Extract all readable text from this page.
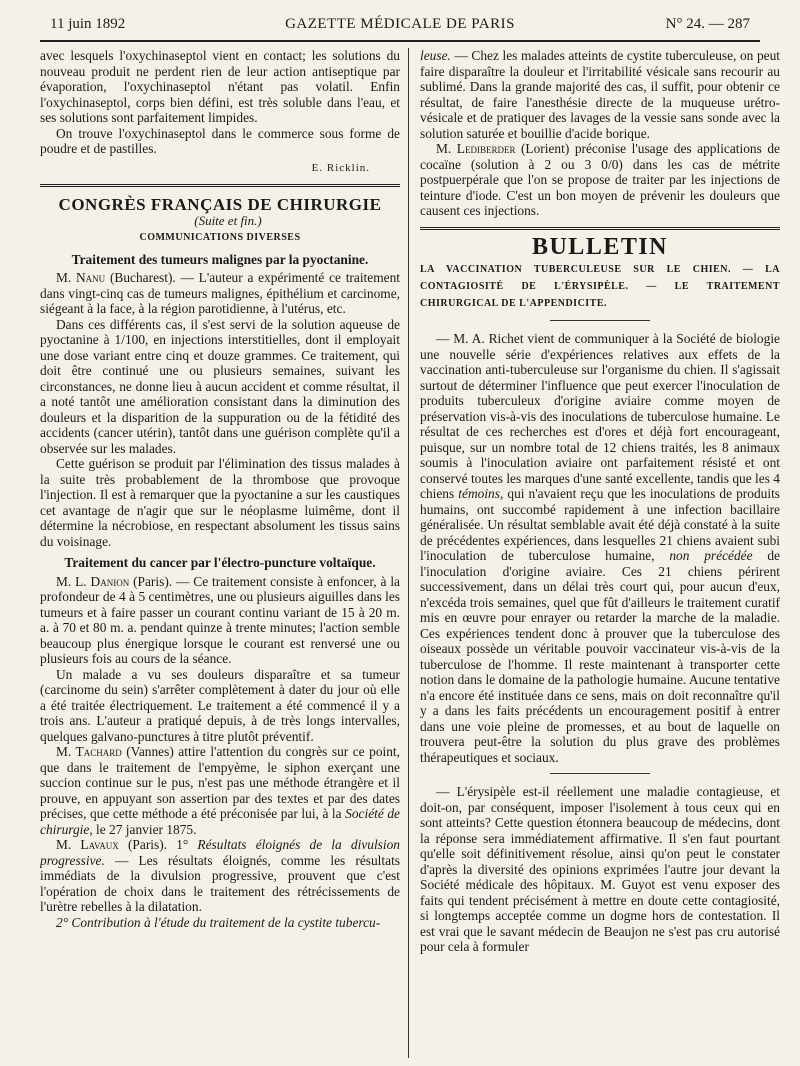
11 juin 1892	GAZETTE MÉDICALE DE PARIS	N° 24. — 287

avec lesquels l'oxychinaseptol vient en contact; les solutions du nouveau produit ne perdent rien de leur action antiseptique par évaporation, l'oxychinaseptol n'étant pas volatil. Enfin l'oxychinaseptol, corps bien défini, est très soluble dans l'eau, et ses solutions sont parfaitement limpides.

On trouve l'oxychinaseptol dans le commerce sous forme de poudre et de pastilles.

E. Ricklin.
CONGRÈS FRANÇAIS DE CHIRURGIE

(Suite et fin.)

COMMUNICATIONS DIVERSES
Traitement des tumeurs malignes par la pyoctanine.

M. Nanu (Bucharest). — L'auteur a expérimenté ce traitement dans vingt-cinq cas de tumeurs malignes, épithélium et carcinome, siégeant à la face, à la région parotidienne, à l'utérus, etc.

Dans ces différents cas, il s'est servi de la solution aqueuse de pyoctanine à 1/100, en injections interstitielles, dont il employait une dose variant entre cinq et douze grammes. Ce traitement, qui doit être continué une ou plusieurs semaines, suivant les circonstances, ne donne lieu à aucun accident et comme résultat, il a noté tantôt une amélioration consistant dans la diminution des douleurs et la disparition de la suppuration ou de la fétidité des accidents (cancer utérin), tantôt dans une guérison complète qu'il a observée sur les malades.

Cette guérison se produit par l'élimination des tissus malades à la suite très probablement de la thrombose que provoque l'injection. Il est à remarquer que la pyoctanine a sur les caustiques cet avantage de n'agir que sur le néoplasme luimême, dont il détermine la nécrobiose, en respectant absolument les tissus sains du voisinage.

Traitement du cancer par l'électro-puncture voltaïque.

M. L. Danion (Paris). — Ce traitement consiste à enfoncer, à la profondeur de 4 à 5 centimètres, une ou plusieurs aiguilles dans les tumeurs et à faire passer un courant continu variant de 15 à 20 m. a. à 70 et 80 m. a. pendant quinze à trente minutes; l'action semble beaucoup plus énergique lorsque le courant est renversé une ou plusieurs fois au cours de la séance.

Un malade a vu ses douleurs disparaître et sa tumeur (carcinome du sein) s'arrêter complètement à dater du jour où elle a été traitée électriquement. Le traitement a été commencé il y a trois ans. L'auteur a pratiqué depuis, à de très longs intervalles, quelques galvano-punctures à titre plutôt préventif.

M. Tachard (Vannes) attire l'attention du congrès sur ce point, que dans le traitement de l'empyème, le siphon exerçant une succion continue sur le pus, n'est pas une méthode étrangère et il prouve, en appuyant son assertion par des textes et par des dates précises, que cette méthode a été préconisée par lui, à la Société de chirurgie, le 27 janvier 1875.

M. Lavaux (Paris). 1° Résultats éloignés de la divulsion progressive. — Les résultats éloignés, comme les résultats immédiats de la divulsion progressive, prouvent que c'est l'opération de choix dans le traitement des rétrécissements de l'urètre rebelles à la dilatation.

2° Contribution à l'étude du traitement de la cystite tubercu-

leuse. — Chez les malades atteints de cystite tuberculeuse, on peut faire disparaître la douleur et l'irritabilité vésicale sans recourir au sublimé. Dans la grande majorité des cas, il suffit, pour obtenir ce résultat, de faire l'anesthésie directe de la muqueuse urétro-vésicale et de pratiquer des lavages de la vessie sans sonde avec la solution saturée et bouillie d'acide borique.

M. Lediberder (Lorient) préconise l'usage des applications de cocaïne (solution à 2 ou 3 0/0) dans les cas de métrite postpuerpérale que l'on se propose de traiter par les injections de teinture d'iode. C'est un bon moyen de prévenir les douleurs que causent ces injections.

BULLETIN
LA VACCINATION TUBERCULEUSE SUR LE CHIEN. — LA CONTAGIOSITÉ DE L'ÉRYSIPÈLE. — LE TRAITEMENT CHIRURGICAL DE L'APPENDICITE.

— M. A. Richet vient de communiquer à la Société de biologie une nouvelle série d'expériences relatives aux effets de la vaccination anti-tuberculeuse sur l'organisme du chien. Il s'agissait surtout de déterminer l'influence que peut exercer l'inoculation de produits tuberculeux d'origine aviaire comme moyen de préservation vis-à-vis des inoculations de tuberculose humaine. Le résultat de ces recherches est d'ores et déjà fort encourageant, puisque, sur un nombre total de 12 chiens traités, les 8 animaux soumis à l'inoculation aviaire ont parfaitement résisté et ont conservé toutes les marques d'une santé excellente, tandis que les 4 chiens témoins, qui n'avaient reçu que les inoculations de produits humains, ont succombé rapidement à une infection bacillaire généralisée. Un résultat semblable avait été déjà constaté à la suite de précédentes expériences, dans lesquelles 21 chiens avaient subi l'inoculation de tuberculose humaine, non précédée de l'inoculation d'origine aviaire. Ces 21 chiens périrent successivement, dans un délai très court qui, pour aucun d'eux, n'excéda trois semaines, quel que fût d'ailleurs le traitement curatif mis en œuvre pour enrayer ou retarder la marche de la maladie. Ces expériences tendent donc à prouver que la tuberculose des oiseaux possède un véritable pouvoir vaccinateur vis-à-vis de la tuberculose de l'homme. Il reste maintenant à transporter cette notion dans le domaine de la pathologie humaine. Aucune tentative n'a encore été instituée dans ce sens, mais on doit reconnaître qu'il y a dans les faits précédents un encouragement positif à entrer dans une voie pleine de promesses, et au bout de laquelle on trouvera peut-être la solution du plus grave des problèmes thérapeutiques et sociaux.

— L'érysipèle est-il réellement une maladie contagieuse, et doit-on, par conséquent, imposer l'isolement à tous ceux qui en sont atteints? Cette question étonnera beaucoup de médecins, dont la réponse sera immédiatement affirmative. Il s'en faut pourtant qu'elle soit définitivement résolue, ainsi qu'on peut le constater d'après la diversité des opinions exprimées l'autre jour devant la Société médicale des hôpitaux. M. Guyot est venu exposer des faits qui tendent précisément à mettre en doute cette contagiosité, si longtemps acceptée comme un dogme hors de contestation. Il est vrai que le savant médecin de Beaujon ne s'est pas cru autorisé pour cela à formuler
